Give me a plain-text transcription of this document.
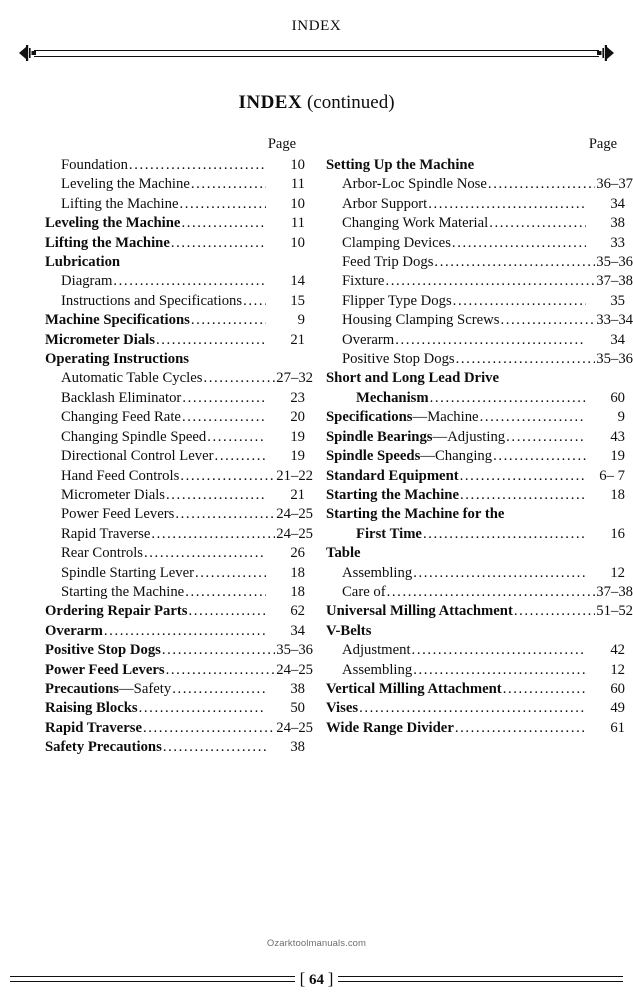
INDEX
INDEX (continued)
Page
Foundation .....	10
Leveling the Machine .....	11
Lifting the Machine .....	10
Leveling the Machine .....	11
Lifting the Machine .....	10
Lubrication
Diagram .....	14
Instructions and Specifications .....	15
Machine Specifications .....	9
Micrometer Dials .....	21
Operating Instructions
Automatic Table Cycles .....	27–32
Backlash Eliminator .....	23
Changing Feed Rate .....	20
Changing Spindle Speed .....	19
Directional Control Lever .....	19
Hand Feed Controls .....	21–22
Micrometer Dials .....	21
Power Feed Levers .....	24–25
Rapid Traverse .....	24–25
Rear Controls .....	26
Spindle Starting Lever .....	18
Starting the Machine .....	18
Ordering Repair Parts .....	62
Overarm .....	34
Positive Stop Dogs .....	35–36
Power Feed Levers .....	24–25
Precautions —Safety .....	38
Raising Blocks .....	50
Rapid Traverse .....	24–25
Safety Precautions .....	38
Page
Setting Up the Machine
Arbor-Loc Spindle Nose .....	36–37
Arbor Support .....	34
Changing Work Material .....	38
Clamping Devices .....	33
Feed Trip Dogs .....	35–36
Fixture .....	37–38
Flipper Type Dogs .....	35
Housing Clamping Screws .....	33–34
Overarm .....	34
Positive Stop Dogs .....	35–36
Short and Long Lead Drive
Mechanism .....	60
Specifications —Machine .....	9
Spindle Bearings —Adjusting .....	43
Spindle Speeds —Changing .....	19
Standard Equipment .....	6– 7
Starting the Machine .....	18
Starting the Machine for the
First Time .....	16
Table
Assembling .....	12
Care of .....	37–38
Universal Milling Attachment .....	51–52
V-Belts
Adjustment .....	42
Assembling .....	12
Vertical Milling Attachment .....	60
Vises .....	49
Wide Range Divider .....	61
Ozarktoolmanuals.com
[ 64 ]
